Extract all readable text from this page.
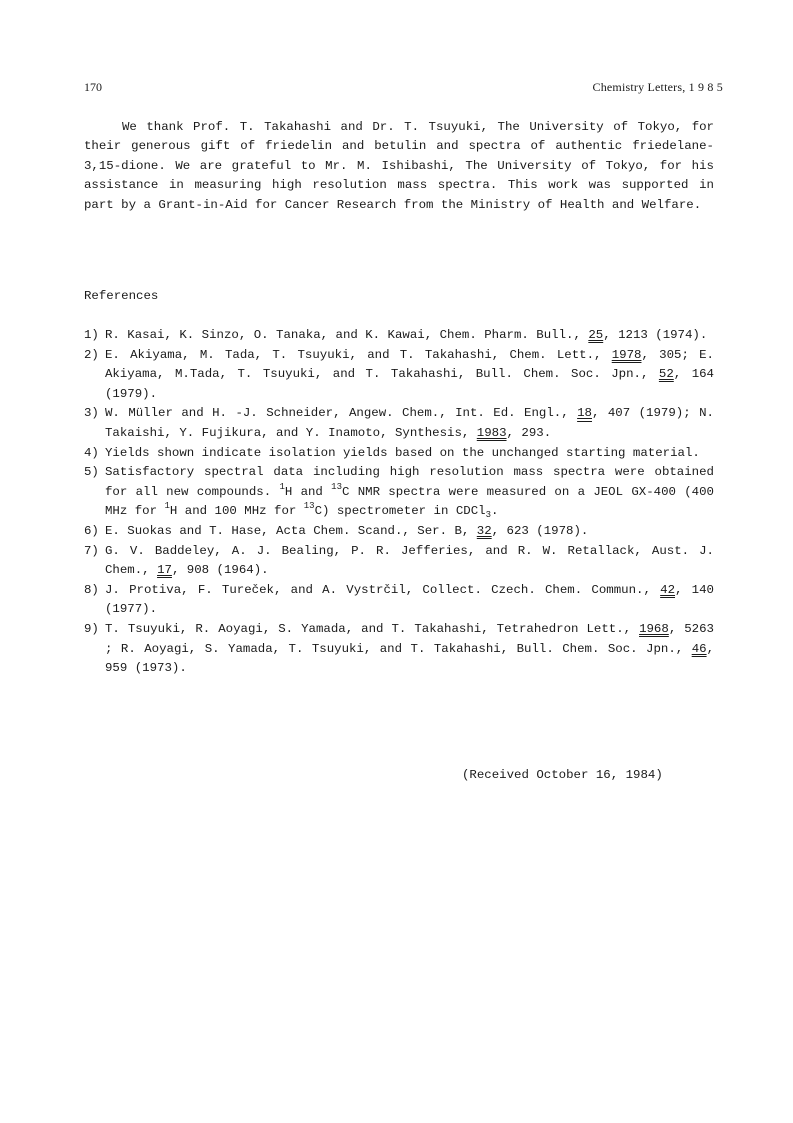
170	Chemistry Letters, 1 9 8 5

We thank Prof. T. Takahashi and Dr. T. Tsuyuki, The University of Tokyo, for their generous gift of friedelin and betulin and spectra of authentic friedelane-3,15-dione. We are grateful to Mr. M. Ishibashi, The University of Tokyo, for his assistance in measuring high resolution mass spectra. This work was supported in part by a Grant-in-Aid for Cancer Research from the Ministry of Health and Welfare.

References
1) R. Kasai, K. Sinzo, O. Tanaka, and K. Kawai, Chem. Pharm. Bull., 25, 1213 (1974).
2) E. Akiyama, M. Tada, T. Tsuyuki, and T. Takahashi, Chem. Lett., 1978, 305; E. Akiyama, M.Tada, T. Tsuyuki, and T. Takahashi, Bull. Chem. Soc. Jpn., 52, 164 (1979).
3) W. Müller and H. -J. Schneider, Angew. Chem., Int. Ed. Engl., 18, 407 (1979); N. Takaishi, Y. Fujikura, and Y. Inamoto, Synthesis, 1983, 293.
4) Yields shown indicate isolation yields based on the unchanged starting material.
5) Satisfactory spectral data including high resolution mass spectra were obtained for all new compounds. $^1$H and $^{13}$C NMR spectra were measured on a JEOL GX-400 (400 MHz for $^1$H and 100 MHz for $^{13}$C) spectrometer in CDCl$_3$.
6) E. Suokas and T. Hase, Acta Chem. Scand., Ser. B, 32, 623 (1978).
7) G. V. Baddeley, A. J. Bealing, P. R. Jefferies, and R. W. Retallack, Aust. J. Chem., 17, 908 (1964).
8) J. Protiva, F. Tureček, and A. Vystrčil, Collect. Czech. Chem. Commun., 42, 140 (1977).
9) T. Tsuyuki, R. Aoyagi, S. Yamada, and T. Takahashi, Tetrahedron Lett., 1968, 5263 ; R. Aoyagi, S. Yamada, T. Tsuyuki, and T. Takahashi, Bull. Chem. Soc. Jpn., 46, 959 (1973).

(Received October 16, 1984)
